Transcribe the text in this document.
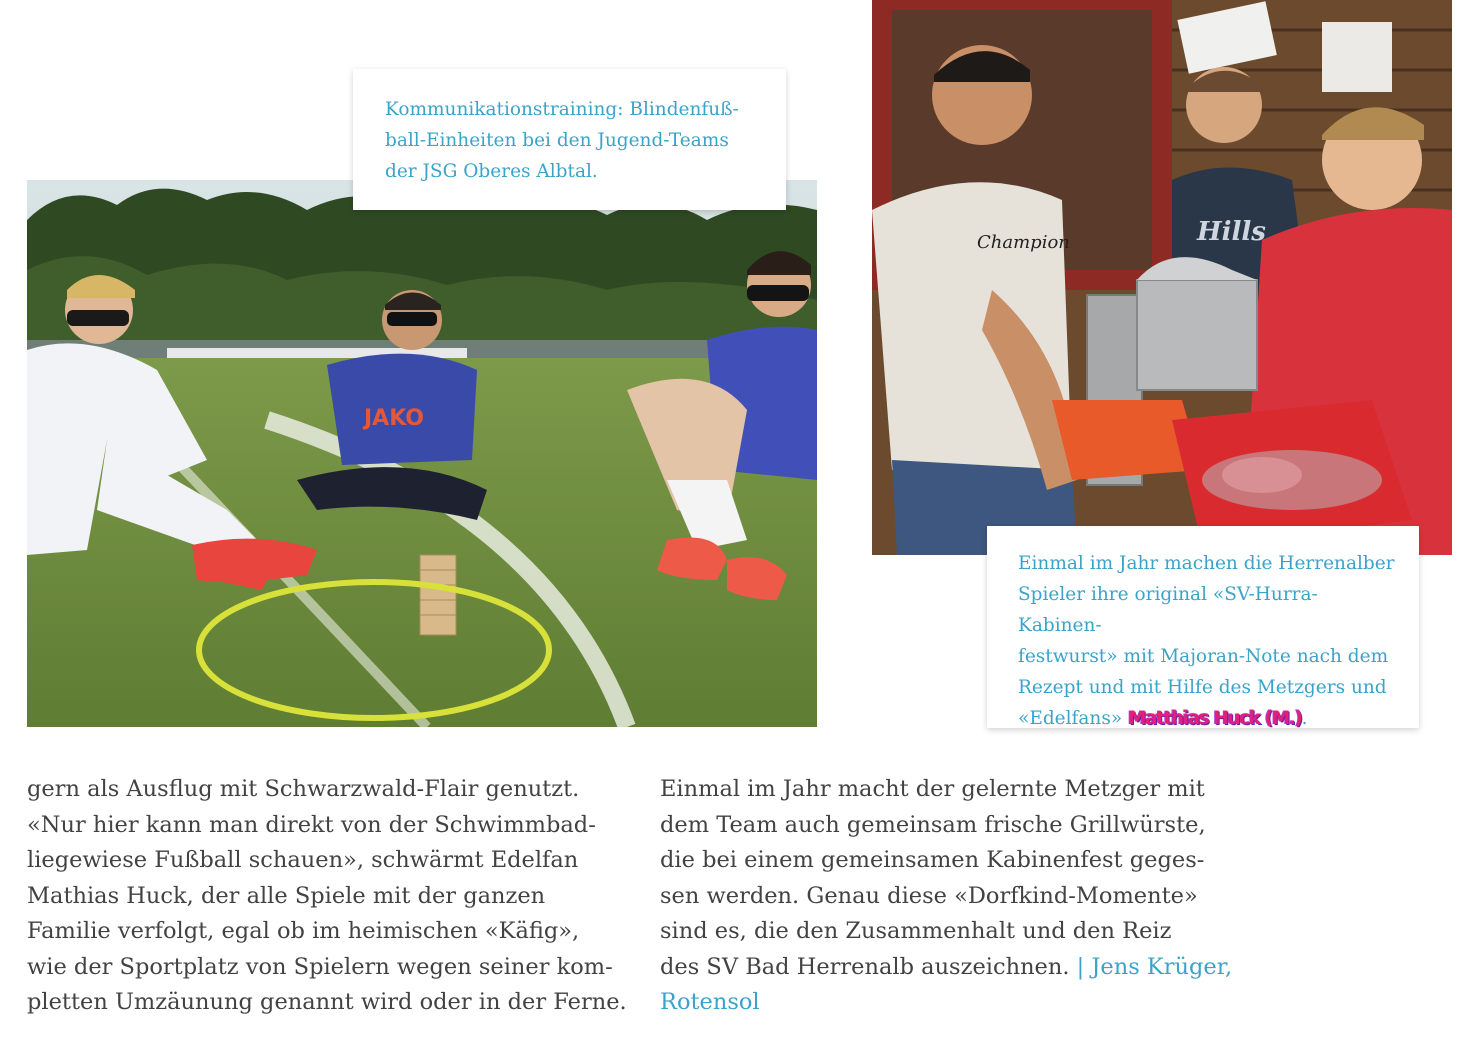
JAKO
Champion	Hills

Kommunikationstraining: Blindenfuß-

ball-Einheiten bei den Jugend-Teams

der JSG Oberes Albtal.

Einmal im Jahr machen die Herrenalber

Spieler ihre original «SV-Hurra-Kabinen-

festwurst» mit Majoran-Note nach dem

Rezept und mit Hilfe des Metzgers und

«Edelfans» Matthias Huck (M.).

gern als Ausflug mit Schwarzwald-Flair genutzt.

«Nur hier kann man direkt von der Schwimmbad-

liegewiese Fußball schauen», schwärmt Edelfan

Mathias Huck, der alle Spiele mit der ganzen

Familie verfolgt, egal ob im heimischen «Käfig»,

wie der Sportplatz von Spielern wegen seiner kom-

pletten Umzäunung genannt wird oder in der Ferne.

Einmal im Jahr macht der gelernte Metzger mit

dem Team auch gemeinsam frische Grillwürste,

die bei einem gemeinsamen Kabinenfest geges-

sen werden. Genau diese «Dorfkind-Momente»

sind es, die den Zusammenhalt und den Reiz

des SV Bad Herrenalb auszeichnen. | Jens Krüger,

Rotensol
